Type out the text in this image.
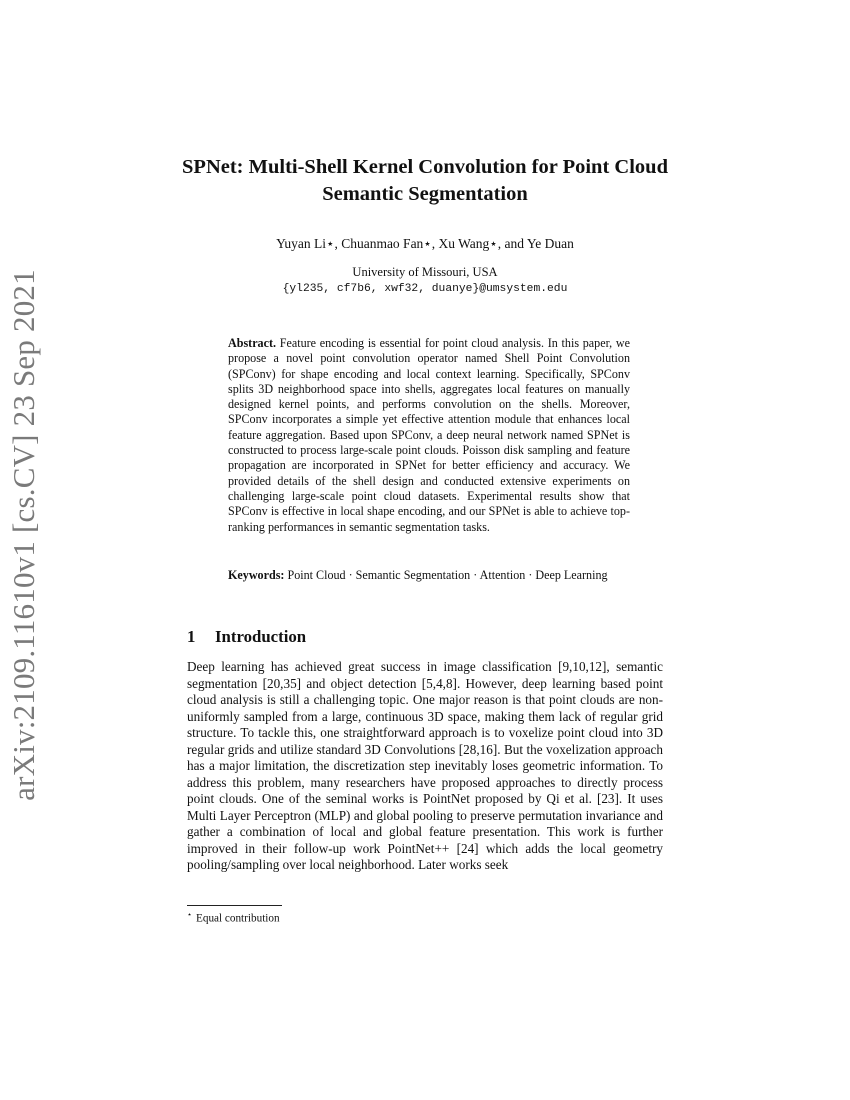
arXiv:2109.11610v1 [cs.CV] 23 Sep 2021
SPNet: Multi-Shell Kernel Convolution for Point Cloud Semantic Segmentation
Yuyan Li⋆, Chuanmao Fan⋆, Xu Wang⋆, and Ye Duan
University of Missouri, USA
{yl235, cf7b6, xwf32, duanye}@umsystem.edu
Abstract. Feature encoding is essential for point cloud analysis. In this paper, we propose a novel point convolution operator named Shell Point Convolution (SPConv) for shape encoding and local context learning. Specifically, SPConv splits 3D neighborhood space into shells, aggregates local features on manually designed kernel points, and performs convolution on the shells. Moreover, SPConv incorporates a simple yet effective attention module that enhances local feature aggregation. Based upon SPConv, a deep neural network named SPNet is constructed to process large-scale point clouds. Poisson disk sampling and feature propagation are incorporated in SPNet for better efficiency and accuracy. We provided details of the shell design and conducted extensive experiments on challenging large-scale point cloud datasets. Experimental results show that SPConv is effective in local shape encoding, and our SPNet is able to achieve top-ranking performances in semantic segmentation tasks.
Keywords: Point Cloud · Semantic Segmentation · Attention · Deep Learning
1 Introduction
Deep learning has achieved great success in image classification [9,10,12], semantic segmentation [20,35] and object detection [5,4,8]. However, deep learning based point cloud analysis is still a challenging topic. One major reason is that point clouds are non-uniformly sampled from a large, continuous 3D space, making them lack of regular grid structure. To tackle this, one straightforward approach is to voxelize point cloud into 3D regular grids and utilize standard 3D Convolutions [28,16]. But the voxelization approach has a major limitation, the discretization step inevitably loses geometric information. To address this problem, many researchers have proposed approaches to directly process point clouds. One of the seminal works is PointNet proposed by Qi et al. [23]. It uses Multi Layer Perceptron (MLP) and global pooling to preserve permutation invariance and gather a combination of local and global feature presentation. This work is further improved in their follow-up work PointNet++ [24] which adds the local geometry pooling/sampling over local neighborhood. Later works seek
⋆ Equal contribution
